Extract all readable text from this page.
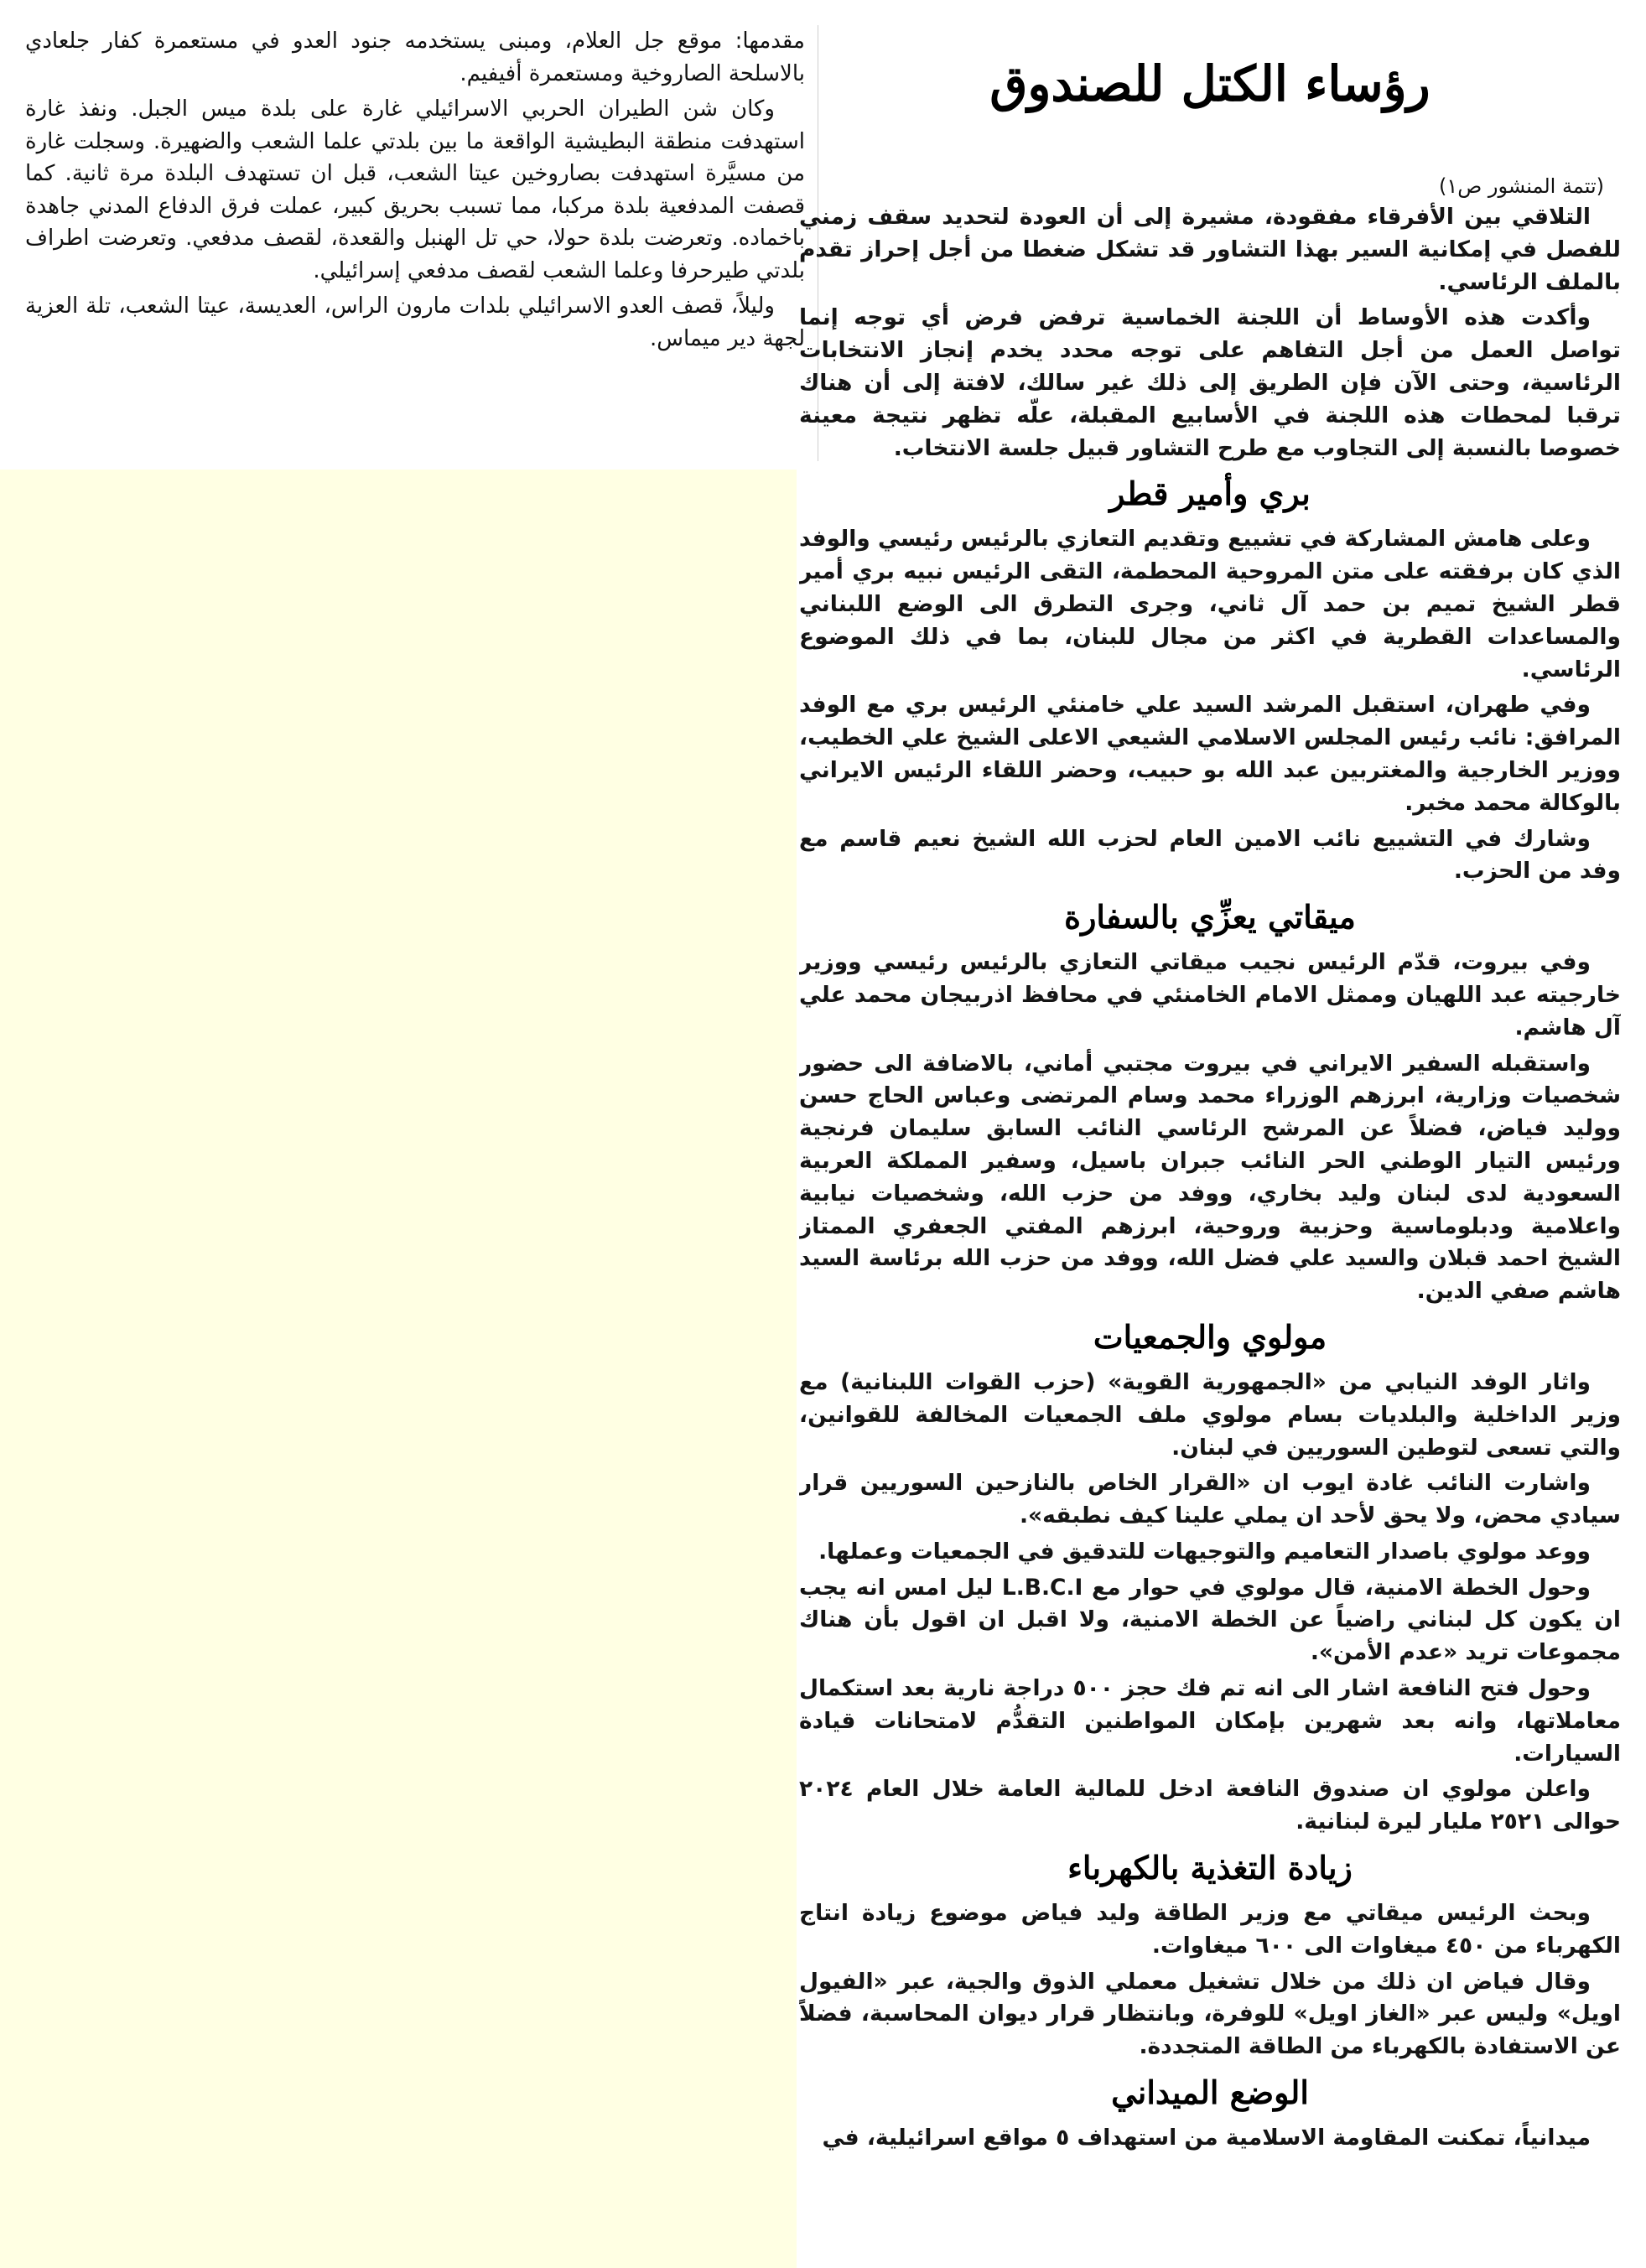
مقدمها: موقع جل العلام، ومبنى يستخدمه جنود العدو في مستعمرة كفار جلعادي بالاسلحة الصاروخية ومستعمرة أفيفيم.

وكان شن الطيران الحربي الاسرائيلي غارة على بلدة ميس الجبل. ونفذ غارة استهدفت منطقة البطيشية الواقعة ما بين بلدتي علما الشعب والضهيرة. وسجلت غارة من مسيَّرة استهدفت بصاروخين عيتا الشعب، قبل ان تستهدف البلدة مرة ثانية. كما قصفت المدفعية بلدة مركبا، مما تسبب بحريق كبير، عملت فرق الدفاع المدني جاهدة باخماده. وتعرضت بلدة حولا، حي تل الهنبل والقعدة، لقصف مدفعي. وتعرضت اطراف بلدتي طيرحرفا وعلما الشعب لقصف مدفعي إسرائيلي.

وليلاً، قصف العدو الاسرائيلي بلدات مارون الراس، العديسة، عيتا الشعب، تلة العزية لجهة دير ميماس.

رؤساء الكتل للصندوق
(تتمة المنشور ص١)

التلاقي بين الأفرقاء مفقودة، مشيرة إلى أن العودة لتحديد سقف زمني للفصل في إمكانية السير بهذا التشاور قد تشكل ضغطا من أجل إحراز تقدم بالملف الرئاسي.

وأكدت هذه الأوساط أن اللجنة الخماسية ترفض فرض أي توجه إنما تواصل العمل من أجل التفاهم على توجه محدد يخدم إنجاز الانتخابات الرئاسية، وحتى الآن فإن الطريق إلى ذلك غير سالك، لافتة إلى أن هناك ترقبا لمحطات هذه اللجنة في الأسابيع المقبلة، علّه تظهر نتيجة معينة خصوصا بالنسبة إلى التجاوب مع طرح التشاور قبيل جلسة الانتخاب.

بري وأمير قطر

وعلى هامش المشاركة في تشييع وتقديم التعازي بالرئيس رئيسي والوفد الذي كان برفقته على متن المروحية المحطمة، التقى الرئيس نبيه بري أمير قطر الشيخ تميم بن حمد آل ثاني، وجرى التطرق الى الوضع اللبناني والمساعدات القطرية في اكثر من مجال للبنان، بما في ذلك الموضوع الرئاسي.

وفي طهران، استقبل المرشد السيد علي خامنئي الرئيس بري مع الوفد المرافق: نائب رئيس المجلس الاسلامي الشيعي الاعلى الشيخ علي الخطيب، ووزير الخارجية والمغتربين عبد الله بو حبيب، وحضر اللقاء الرئيس الايراني بالوكالة محمد مخبر.

وشارك في التشييع نائب الامين العام لحزب الله الشيخ نعيم قاسم مع وفد من الحزب.

ميقاتي يعزِّي بالسفارة

وفي بيروت، قدّم الرئيس نجيب ميقاتي التعازي بالرئيس رئيسي ووزير خارجيته عبد اللهيان وممثل الامام الخامنئي في محافظ اذربيجان محمد علي آل هاشم.

واستقبله السفير الايراني في بيروت مجتبي أماني، بالاضافة الى حضور شخصيات وزارية، ابرزهم الوزراء محمد وسام المرتضى وعباس الحاج حسن ووليد فياض، فضلاً عن المرشح الرئاسي النائب السابق سليمان فرنجية ورئيس التيار الوطني الحر النائب جبران باسيل، وسفير المملكة العربية السعودية لدى لبنان وليد بخاري، ووفد من حزب الله، وشخصيات نيابية واعلامية ودبلوماسية وحزبية وروحية، ابرزهم المفتي الجعفري الممتاز الشيخ احمد قبلان والسيد علي فضل الله، ووفد من حزب الله برئاسة السيد هاشم صفي الدين.

مولوي والجمعيات

واثار الوفد النيابي من «الجمهورية القوية» (حزب القوات اللبنانية) مع وزير الداخلية والبلديات بسام مولوي ملف الجمعيات المخالفة للقوانين، والتي تسعى لتوطين السوريين في لبنان.

واشارت النائب غادة ايوب ان «القرار الخاص بالنازحين السوريين قرار سيادي محض، ولا يحق لأحد ان يملي علينا كيف نطبقه».

ووعد مولوي باصدار التعاميم والتوجيهات للتدقيق في الجمعيات وعملها.

وحول الخطة الامنية، قال مولوي في حوار مع L.B.C.I ليل امس انه يجب ان يكون كل لبناني راضياً عن الخطة الامنية، ولا اقبل ان اقول بأن هناك مجموعات تريد «عدم الأمن».

وحول فتح النافعة اشار الى انه تم فك حجز ٥٠٠ دراجة نارية بعد استكمال معاملاتها، وانه بعد شهرين بإمكان المواطنين التقدُّم لامتحانات قيادة السيارات.

واعلن مولوي ان صندوق النافعة ادخل للمالية العامة خلال العام ٢٠٢٤ حوالى ٢٥٢١ مليار ليرة لبنانية.

زيادة التغذية بالكهرباء

وبحث الرئيس ميقاتي مع وزير الطاقة وليد فياض موضوع زيادة انتاج الكهرباء من ٤٥٠ ميغاوات الى ٦٠٠ ميغاوات.

وقال فياض ان ذلك من خلال تشغيل معملي الذوق والجية، عبر «الفيول اويل» وليس عبر «الغاز اويل» للوفرة، وبانتظار قرار ديوان المحاسبة، فضلاً عن الاستفادة بالكهرباء من الطاقة المتجددة.

الوضع الميداني

ميدانياً، تمكنت المقاومة الاسلامية من استهداف ٥ مواقع اسرائيلية، في
